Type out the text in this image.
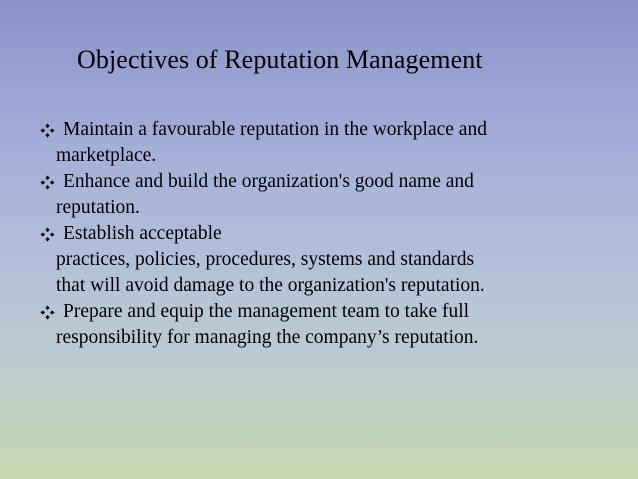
Objectives of Reputation Management
Maintain a favourable reputation in the workplace and
marketplace.
Enhance and build the organization's good name and
reputation.
Establish acceptable
practices, policies, procedures, systems and standards
that will avoid damage to the organization's reputation.
Prepare and equip the management team to take full
responsibility for managing the company’s reputation.
